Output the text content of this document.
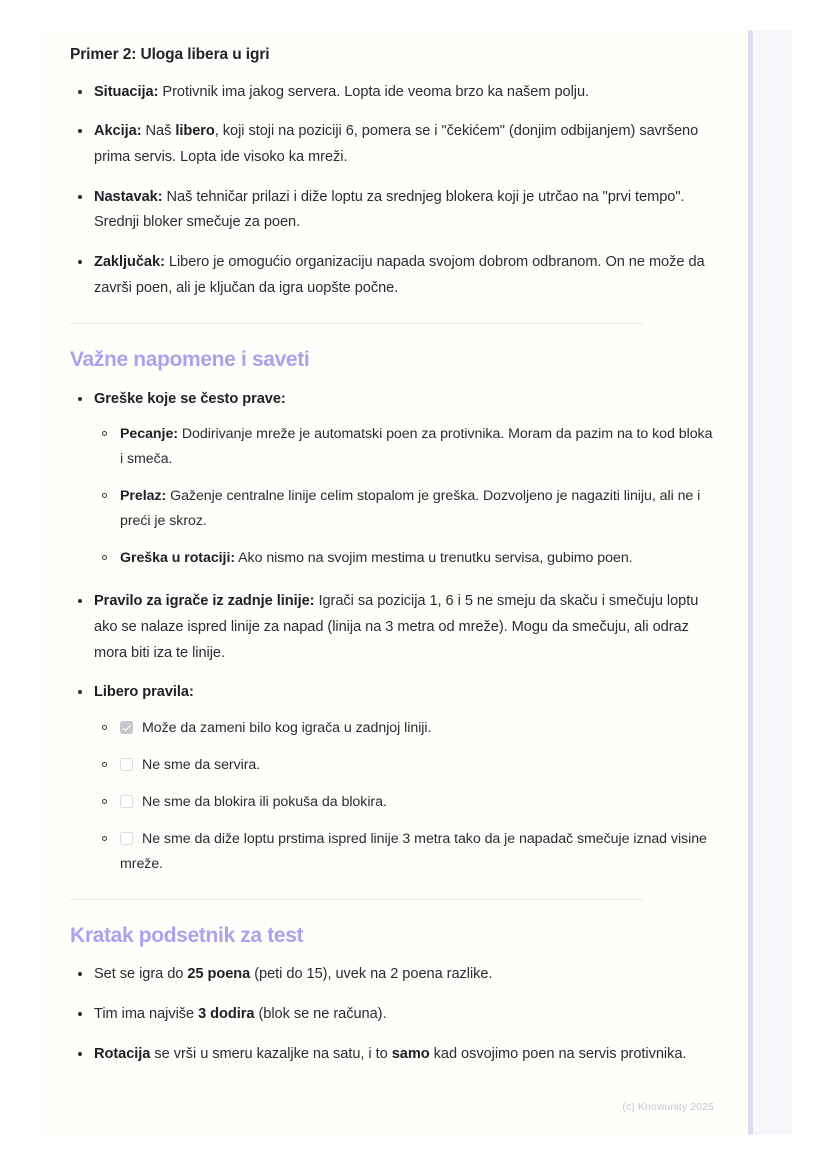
Primer 2: Uloga libera u igri
Situacija: Protivnik ima jakog servera. Lopta ide veoma brzo ka našem polju.
Akcija: Naš libero, koji stoji na poziciji 6, pomera se i "čekićem" (donjim odbijanjem) savršeno prima servis. Lopta ide visoko ka mreži.
Nastavak: Naš tehničar prilazi i diže loptu za srednjeg blokera koji je utrčao na "prvi tempo". Srednji bloker smečuje za poen.
Zaključak: Libero je omogućio organizaciju napada svojom dobrom odbranom. On ne može da završi poen, ali je ključan da igra uopšte počne.
Važne napomene i saveti
Greške koje se često prave:
Pecanje: Dodirivanje mreže je automatski poen za protivnika. Moram da pazim na to kod bloka i smeča.
Prelaz: Gaženje centralne linije celim stopalom je greška. Dozvoljeno je nagaziti liniju, ali ne i preći je skroz.
Greška u rotaciji: Ako nismo na svojim mestima u trenutku servisa, gubimo poen.
Pravilo za igrače iz zadnje linije: Igrači sa pozicija 1, 6 i 5 ne smeju da skaču i smečuju loptu ako se nalaze ispred linije za napad (linija na 3 metra od mreže). Mogu da smečuju, ali odraz mora biti iza te linije.
Libero pravila:
Može da zameni bilo kog igrača u zadnjoj liniji.
Ne sme da servira.
Ne sme da blokira ili pokuša da blokira.
Ne sme da diže loptu prstima ispred linije 3 metra tako da je napadač smečuje iznad visine mreže.
Kratak podsetnik za test
Set se igra do 25 poena (peti do 15), uvek na 2 poena razlike.
Tim ima najviše 3 dodira (blok se ne računa).
Rotacija se vrši u smeru kazaljke na satu, i to samo kad osvojimo poen na servis protivnika.
(c) Knowunity 2025
